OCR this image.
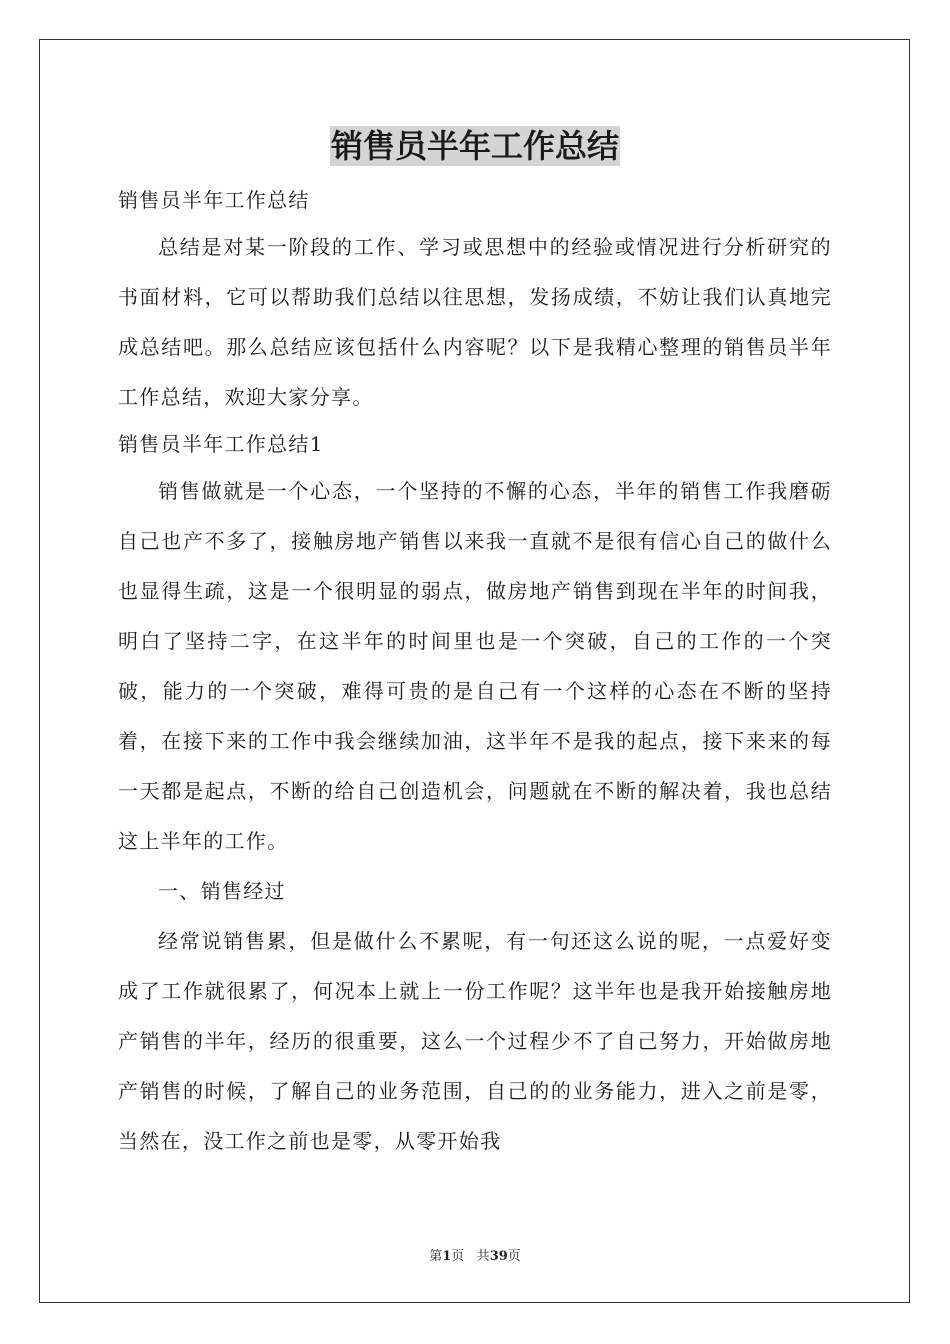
销售员半年工作总结

销售员半年工作总结

总结是对某一阶段的工作、学习或思想中的经验或情况进行分析研究的书面材料，它可以帮助我们总结以往思想，发扬成绩，不妨让我们认真地完成总结吧。那么总结应该包括什么内容呢？以下是我精心整理的销售员半年工作总结，欢迎大家分享。

销售员半年工作总结1

销售做就是一个心态，一个坚持的不懈的心态，半年的销售工作我磨砺自己也产不多了，接触房地产销售以来我一直就不是很有信心自己的做什么也显得生疏，这是一个很明显的弱点，做房地产销售到现在半年的时间我，明白了坚持二字，在这半年的时间里也是一个突破，自己的工作的一个突破，能力的一个突破，难得可贵的是自己有一个这样的心态在不断的坚持着，在接下来的工作中我会继续加油，这半年不是我的起点，接下来来的每一天都是起点，不断的给自己创造机会，问题就在不断的解决着，我也总结这上半年的工作。

一、销售经过

经常说销售累，但是做什么不累呢，有一句还这么说的呢，一点爱好变成了工作就很累了，何况本上就上一份工作呢？这半年也是我开始接触房地产销售的半年，经历的很重要，这么一个过程少不了自己努力，开始做房地产销售的时候，了解自己的业务范围，自己的的业务能力，进入之前是零，当然在，没工作之前也是零，从零开始我

第1页 共39页
